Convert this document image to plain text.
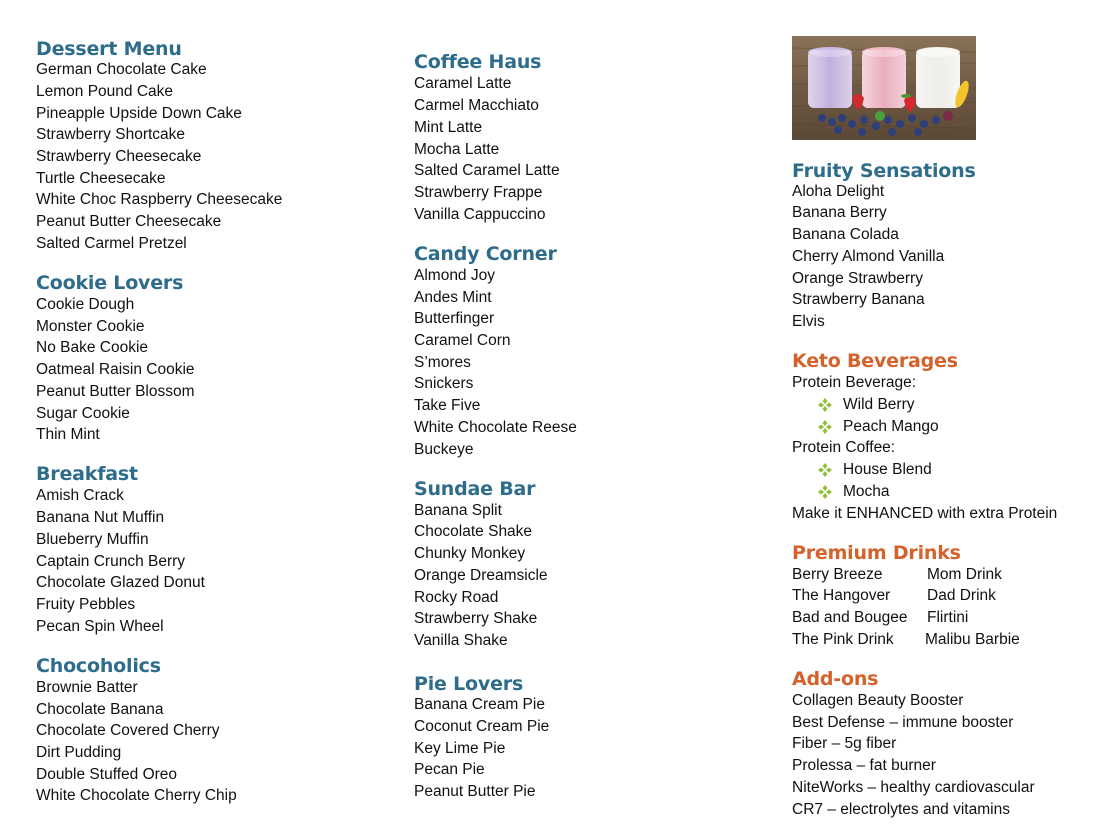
Dessert Menu
German Chocolate Cake
Lemon Pound Cake
Pineapple Upside Down Cake
Strawberry Shortcake
Strawberry Cheesecake
Turtle Cheesecake
White Choc Raspberry Cheesecake
Peanut Butter Cheesecake
Salted Carmel Pretzel
Cookie Lovers
Cookie Dough
Monster Cookie
No Bake Cookie
Oatmeal Raisin Cookie
Peanut Butter Blossom
Sugar Cookie
Thin Mint
Breakfast
Amish Crack
Banana Nut Muffin
Blueberry Muffin
Captain Crunch Berry
Chocolate Glazed Donut
Fruity Pebbles
Pecan Spin Wheel
Chocoholics
Brownie Batter
Chocolate Banana
Chocolate Covered Cherry
Dirt Pudding
Double Stuffed Oreo
White Chocolate Cherry Chip
Coffee Haus
Caramel Latte
Carmel Macchiato
Mint Latte
Mocha Latte
Salted Caramel Latte
Strawberry Frappe
Vanilla Cappuccino
Candy Corner
Almond Joy
Andes Mint
Butterfinger
Caramel Corn
S’mores
Snickers
Take Five
White Chocolate Reese
Buckeye
Sundae Bar
Banana Split
Chocolate Shake
Chunky Monkey
Orange Dreamsicle
Rocky Road
Strawberry Shake
Vanilla Shake
Pie Lovers
Banana Cream Pie
Coconut Cream Pie
Key Lime Pie
Pecan Pie
Peanut Butter Pie
Fruity Sensations
Aloha Delight
Banana Berry
Banana Colada
Cherry Almond Vanilla
Orange Strawberry
Strawberry Banana
Elvis
Keto Beverages
Protein Beverage:
Wild Berry
Peach Mango
Protein Coffee:
House Blend
Mocha
Make it ENHANCED with extra Protein
Premium Drinks
Berry Breeze	Mom Drink
The Hangover Dad Drink
Bad and Bougee Flirtini
The Pink Drink Malibu Barbie
Add-ons
Collagen Beauty Booster
Best Defense – immune booster
Fiber – 5g fiber
Prolessa – fat burner
NiteWorks – healthy cardiovascular
CR7 – electrolytes and vitamins
